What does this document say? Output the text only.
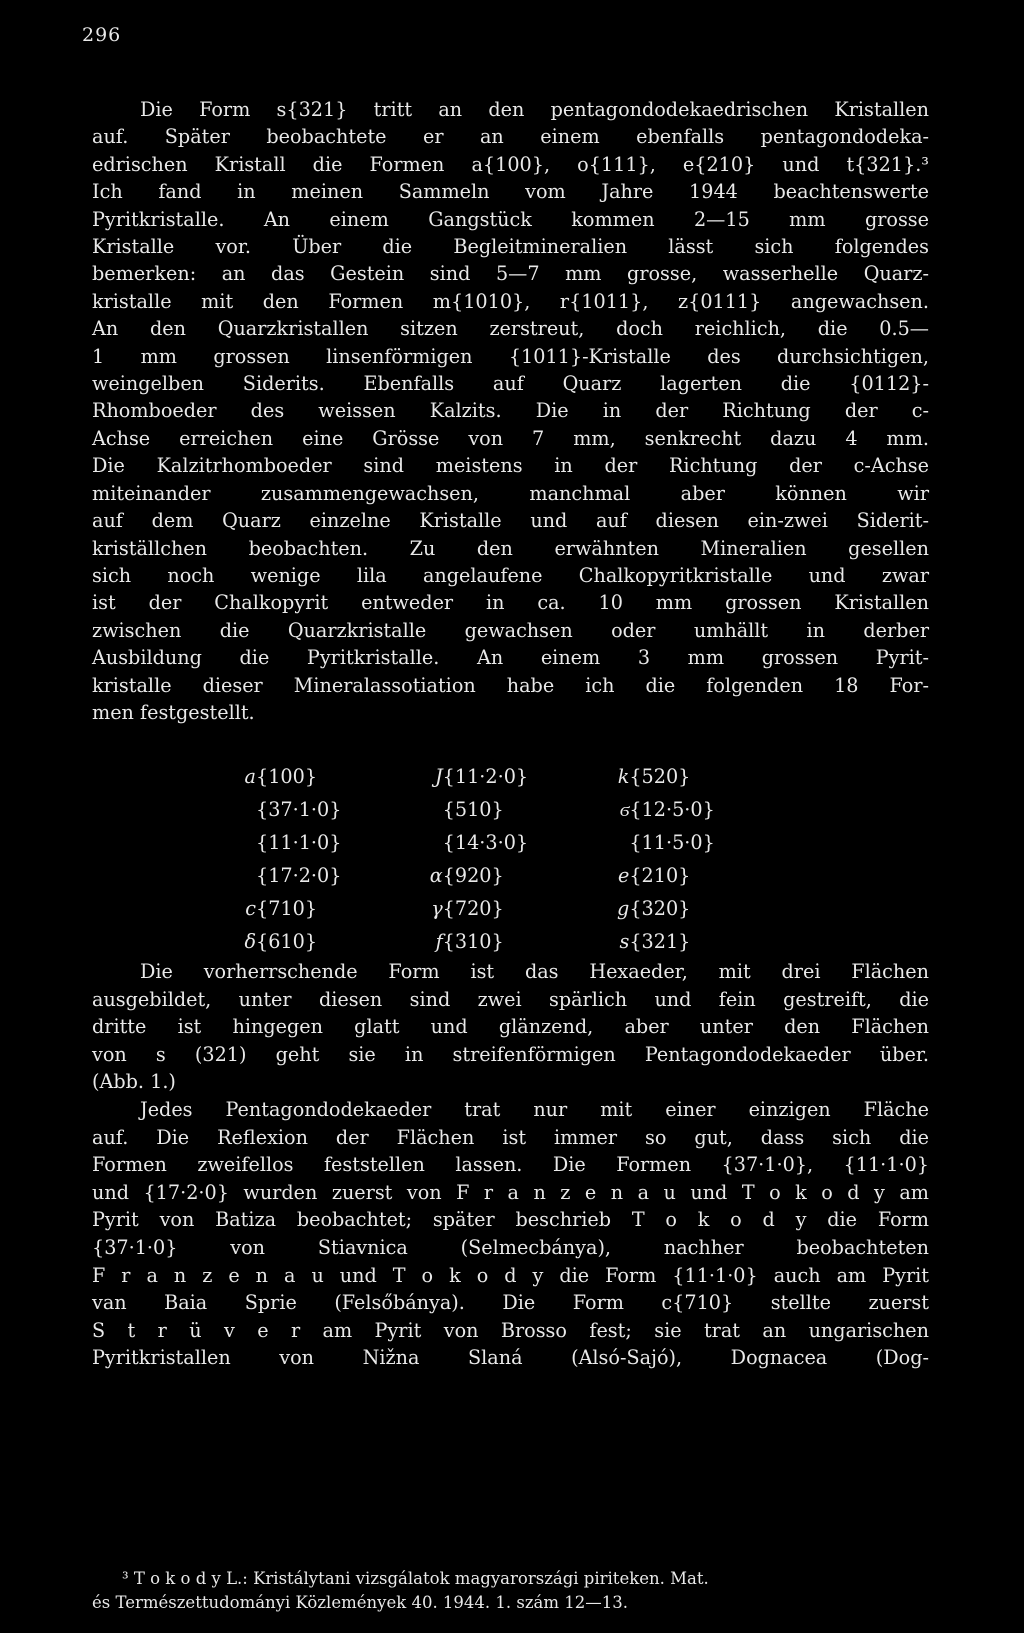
296

Die Form s{321} tritt an den pentagondodekaedrischen Kristallen

auf. Später beobachtete er an einem ebenfalls pentagondodeka-

edrischen Kristall die Formen a{100}, o{111}, e{210} und t{321}.³

Ich fand in meinen Sammeln vom Jahre 1944 beachtenswerte

Pyritkristalle. An einem Gangstück kommen 2—15 mm grosse

Kristalle vor. Über die Begleitmineralien lässt sich folgendes

bemerken: an das Gestein sind 5—7 mm grosse, wasserhelle Quarz-

kristalle mit den Formen m{1010}, r{1011}, z{0111} angewachsen.

An den Quarzkristallen sitzen zerstreut, doch reichlich, die 0.5—

1 mm grossen linsenförmigen {1011}-Kristalle des durchsichtigen,

weingelben Siderits. Ebenfalls auf Quarz lagerten die {0112}-

Rhomboeder des weissen Kalzits. Die in der Richtung der c-

Achse erreichen eine Grösse von 7 mm, senkrecht dazu 4 mm.

Die Kalzitrhomboeder sind meistens in der Richtung der c-Achse

miteinander zusammengewachsen, manchmal aber können wir

auf dem Quarz einzelne Kristalle und auf diesen ein-zwei Siderit-

kriställchen beobachten. Zu den erwähnten Mineralien gesellen

sich noch wenige lila angelaufene Chalkopyritkristalle und zwar

ist der Chalkopyrit entweder in ca. 10 mm grossen Kristallen

zwischen die Quarzkristalle gewachsen oder umhällt in derber

Ausbildung die Pyritkristalle. An einem 3 mm grossen Pyrit-

kristalle dieser Mineralassotiation habe ich die folgenden 18 For-

men festgestellt.

a{100}	J{11·2·0}	k{520}
{37·1·0}	{510}	ϭ{12·5·0}
{11·1·0}	{14·3·0}	{11·5·0}
{17·2·0}	α{920}	e{210}
c{710}	γ{720}	g{320}
δ{610}	f{310}	s{321}

Die vorherrschende Form ist das Hexaeder, mit drei Flächen

ausgebildet, unter diesen sind zwei spärlich und fein gestreift, die

dritte ist hingegen glatt und glänzend, aber unter den Flächen

von s (321) geht sie in streifenförmigen Pentagondodekaeder über.

(Abb. 1.)

Jedes Pentagondodekaeder trat nur mit einer einzigen Fläche

auf. Die Reflexion der Flächen ist immer so gut, dass sich die

Formen zweifellos feststellen lassen. Die Formen {37·1·0}, {11·1·0}

und {17·2·0} wurden zuerst von F r a n z e n a u und T o k o d y am

Pyrit von Batiza beobachtet; später beschrieb T o k o d y die Form

{37·1·0} von Stiavnica (Selmecbánya), nachher beobachteten

F r a n z e n a u und T o k o d y die Form {11·1·0} auch am Pyrit

van Baia Sprie (Felsőbánya). Die Form c{710} stellte zuerst

S t r ü v e r am Pyrit von Brosso fest; sie trat an ungarischen

Pyritkristallen von Nižna Slaná (Alsó-Sajó), Dognacea (Dog-

³ T o k o d y L.: Kristálytani vizsgálatok magyarországi piriteken. Mat.

és Természettudományi Közlemények 40. 1944. 1. szám 12—13.
